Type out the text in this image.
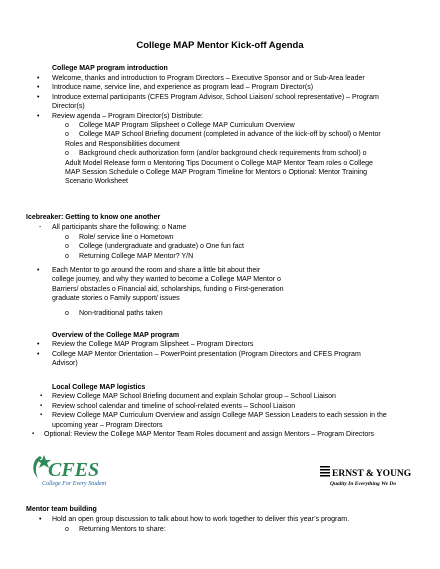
College MAP Mentor Kick-off Agenda
College MAP program introduction
• Welcome, thanks and introduction to Program Directors – Executive Sponsor and or Sub-Area leader
• Introduce name, service line, and experience as program lead – Program Director(s)
• Introduce external participants (CFES Program Advisor, School Liaison/ school representative) – Program
Director(s)
• Review agenda – Program Director(s) Distribute:
o College MAP Program Slipsheet o College MAP Curriculum Overview
o College MAP School Briefing document (completed in advance of the kick-off by school) o Mentor
Roles and Responsibilities document
o Background check authorization form (and/or background check requirements from school) o
Adult Model Release form o Mentoring Tips Document o College MAP Mentor Team roles o College
MAP Session Schedule o College MAP Program Timeline for Mentors o Optional: Mentor Training
Scenario Worksheet
Icebreaker: Getting to know one another
- All participants share the following: o Name
o Role/ service line o Hometown
o College (undergraduate and graduate) o One fun fact
o Returning College MAP Mentor? Y/N
• Each Mentor to go around the room and share a little bit about their
college journey, and why they wanted to become a College MAP Mentor o
Barriers/ obstacles o Financial aid, scholarships, funding o First-generation
graduate stories o Family support/ issues
o Non-traditional paths taken
Overview of the College MAP program
• Review the College MAP Program Slipsheet – Program Directors
• College MAP Mentor Orientation – PowerPoint presentation (Program Directors and CFES Program
Advisor)
Local College MAP logistics
▪ Review College MAP School Briefing document and explain Scholar group – School Liaison
▪ Review school calendar and timeline of school-related events – School Liaison
▪ Review College MAP Curriculum Overview and assign College MAP Session Leaders to each session in the
upcoming year – Program Directors
▪ Optional: Review the College MAP Mentor Team Roles document and assign Mentors – Program Directors
CFES
College For Every Student
ERNST & YOUNG
Quality In Everything We Do
Mentor team building
• Hold an open group discussion to talk about how to work together to deliver this year’s program.
o Returning Mentors to share:
